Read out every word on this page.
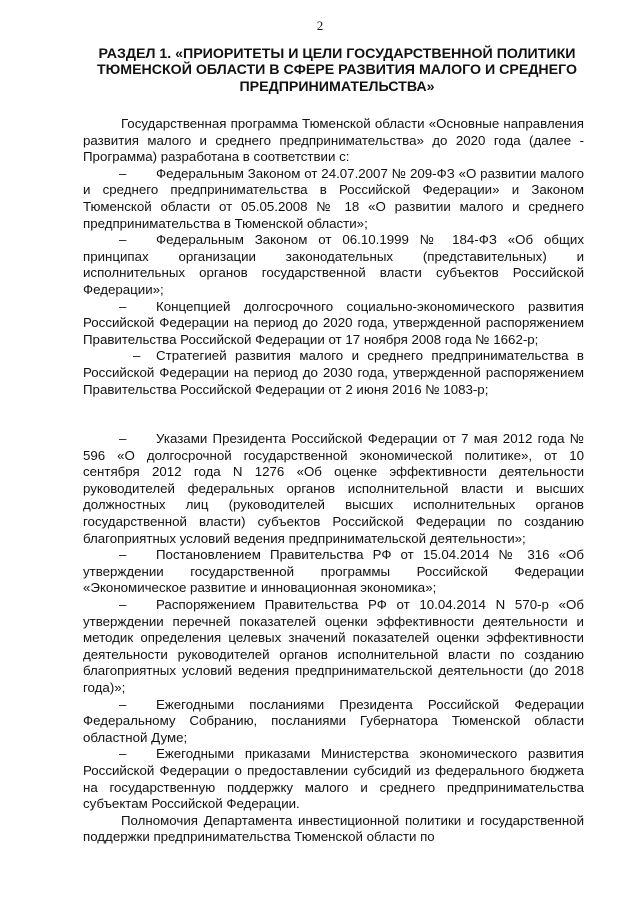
2
РАЗДЕЛ 1. «ПРИОРИТЕТЫ И ЦЕЛИ ГОСУДАРСТВЕННОЙ ПОЛИТИКИ ТЮМЕНСКОЙ ОБЛАСТИ В СФЕРЕ РАЗВИТИЯ МАЛОГО И СРЕДНЕГО ПРЕДПРИНИМАТЕЛЬСТВА»

Государственная программа Тюменской области «Основные направления развития малого и среднего предпринимательства» до 2020 года (далее - Программа) разработана в соответствии с:

– Федеральным Законом от 24.07.2007 № 209-ФЗ «О развитии малого и среднего предпринимательства в Российской Федерации» и Законом Тюменской области от 05.05.2008 № 18 «О развитии малого и среднего предпринимательства в Тюменской области»;

– Федеральным Законом от 06.10.1999 № 184-ФЗ «Об общих принципах организации законодательных (представительных) и исполнительных органов государственной власти субъектов Российской Федерации»;

– Концепцией долгосрочного социально-экономического развития Российской Федерации на период до 2020 года, утвержденной распоряжением Правительства Российской Федерации от 17 ноября 2008 года № 1662-р;

– Стратегией развития малого и среднего предпринимательства в Российской Федерации на период до 2030 года, утвержденной распоряжением Правительства Российской Федерации от 2 июня 2016 № 1083-р;

– Указами Президента Российской Федерации от 7 мая 2012 года № 596 «О долгосрочной государственной экономической политике», от 10 сентября 2012 года N 1276 «Об оценке эффективности деятельности руководителей федеральных органов исполнительной власти и высших должностных лиц (руководителей высших исполнительных органов государственной власти) субъектов Российской Федерации по созданию благоприятных условий ведения предпринимательской деятельности»;

– Постановлением Правительства РФ от 15.04.2014 № 316 «Об утверждении государственной программы Российской Федерации «Экономическое развитие и инновационная экономика»;

– Распоряжением Правительства РФ от 10.04.2014 N 570-р «Об утверждении перечней показателей оценки эффективности деятельности и методик определения целевых значений показателей оценки эффективности деятельности руководителей органов исполнительной власти по созданию благоприятных условий ведения предпринимательской деятельности (до 2018 года)»;

– Ежегодными посланиями Президента Российской Федерации Федеральному Собранию, посланиями Губернатора Тюменской области областной Думе;

– Ежегодными приказами Министерства экономического развития Российской Федерации о предоставлении субсидий из федерального бюджета на государственную поддержку малого и среднего предпринимательства субъектам Российской Федерации.

Полномочия Департамента инвестиционной политики и государственной поддержки предпринимательства Тюменской области по
